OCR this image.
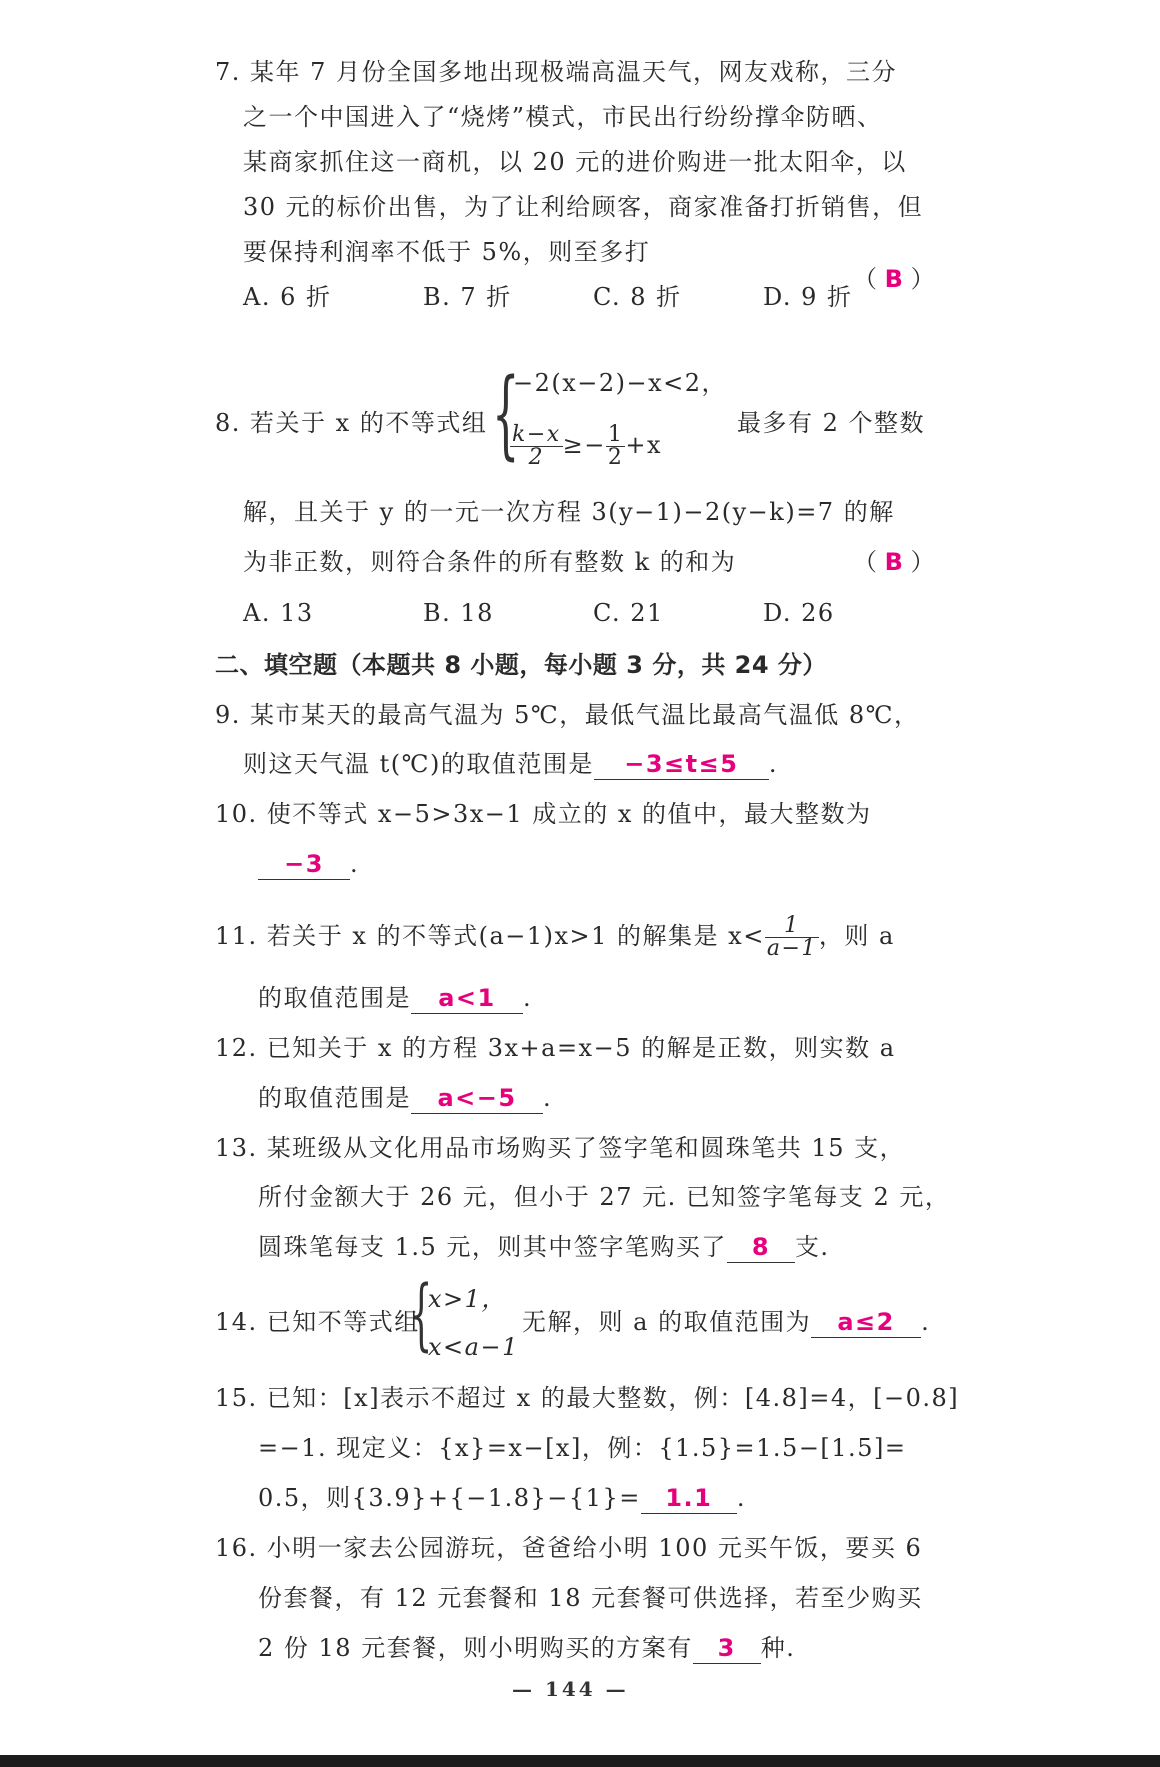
7. 某年 7 月份全国多地出现极端高温天气，网友戏称，三分
之一个中国进入了“烧烤”模式，市民出行纷纷撑伞防晒、
某商家抓住这一商机，以 20 元的进价购进一批太阳伞，以
30 元的标价出售，为了让利给顾客，商家准备打折销售，但
要保持利润率不低于 5%，则至多打
（ B ）
A. 6 折	B. 7 折	C. 8 折	D. 9 折
8. 若关于 x 的不等式组 {
−2(x−2)−x<2，
$\frac{k-x}{2} \ge- \frac{1}{2} +x$
最多有 2 个整数
解，且关于 y 的一元一次方程 3(y−1)−2(y−k)=7 的解
为非正数，则符合条件的所有整数 k 的和为	（ B ）
A. 13	B. 18	C. 21	D. 26
二、填空题（本题共 8 小题，每小题 3 分，共 24 分）
9. 某市某天的最高气温为 5℃，最低气温比最高气温低 8℃，
则这天气温 t(℃)的取值范围是 −3≤t≤5 .
10. 使不等式 x−5>3x−1 成立的 x 的值中，最大整数为
−3 .
11. 若关于 x 的不等式(a−1)x>1 的解集是 $x< \frac{1}{a-1}$ ，则 a
的取值范围是 a<1 .
12. 已知关于 x 的方程 3x+a=x−5 的解是正数，则实数 a
的取值范围是 a<−5 .
13. 某班级从文化用品市场购买了签字笔和圆珠笔共 15 支，
所付金额大于 26 元，但小于 27 元. 已知签字笔每支 2 元，
圆珠笔每支 1.5 元，则其中签字笔购买了 8 支.
14. 已知不等式组
{
x>1，
x<a−1
无解，则 a 的取值范围为 a≤2 .
15. 已知：[x]表示不超过 x 的最大整数，例：[4.8]=4，[−0.8]
=−1. 现定义：{x}=x−[x]，例：{1.5}=1.5−[1.5]=
0.5，则{3.9}+{−1.8}−{1}= 1.1 .
16. 小明一家去公园游玩，爸爸给小明 100 元买午饭，要买 6
份套餐，有 12 元套餐和 18 元套餐可供选择，若至少购买
2 份 18 元套餐，则小明购买的方案有 3 种.
— 144 —
